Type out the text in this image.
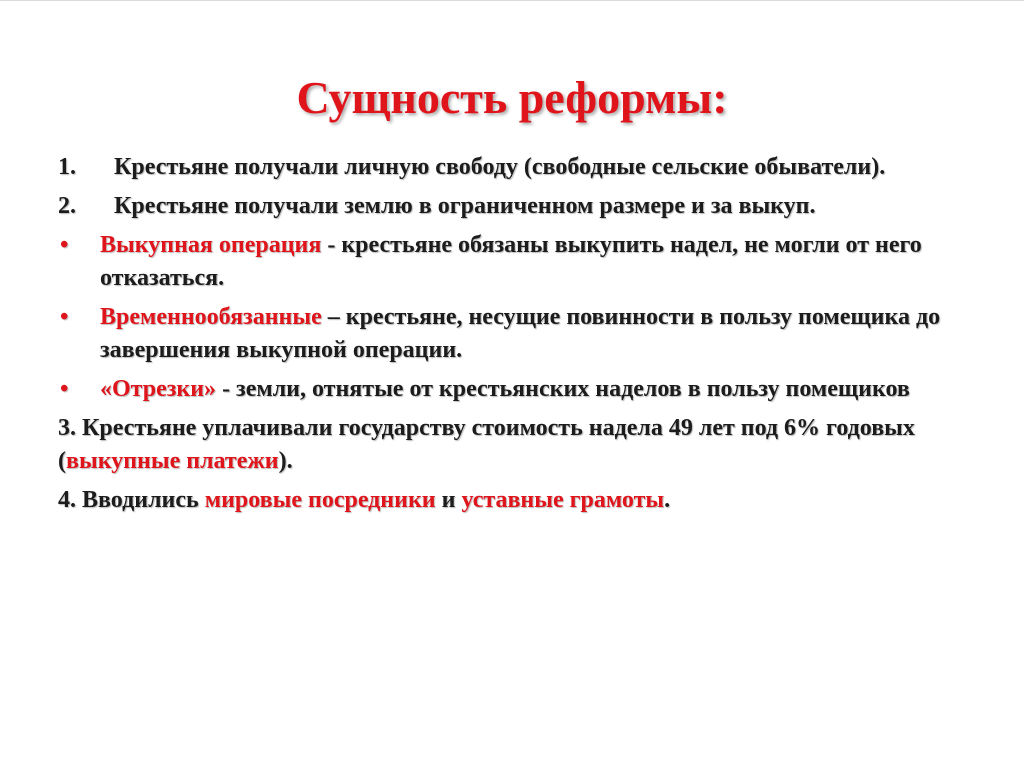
Сущность реформы:
1.	Крестьяне получали личную свободу (свободные сельские обыватели).
2.	Крестьяне получали землю в ограниченном размере и за выкуп.
•	Выкупная операция - крестьяне обязаны выкупить надел, не могли от него отказаться.
•	Временнообязанные – крестьяне, несущие повинности в пользу помещика до завершения выкупной операции.
•	«Отрезки» - земли, отнятые от крестьянских наделов в пользу помещиков
3. Крестьяне уплачивали государству стоимость надела 49 лет под 6% годовых (выкупные платежи).
4. Вводились мировые посредники и уставные грамоты.
